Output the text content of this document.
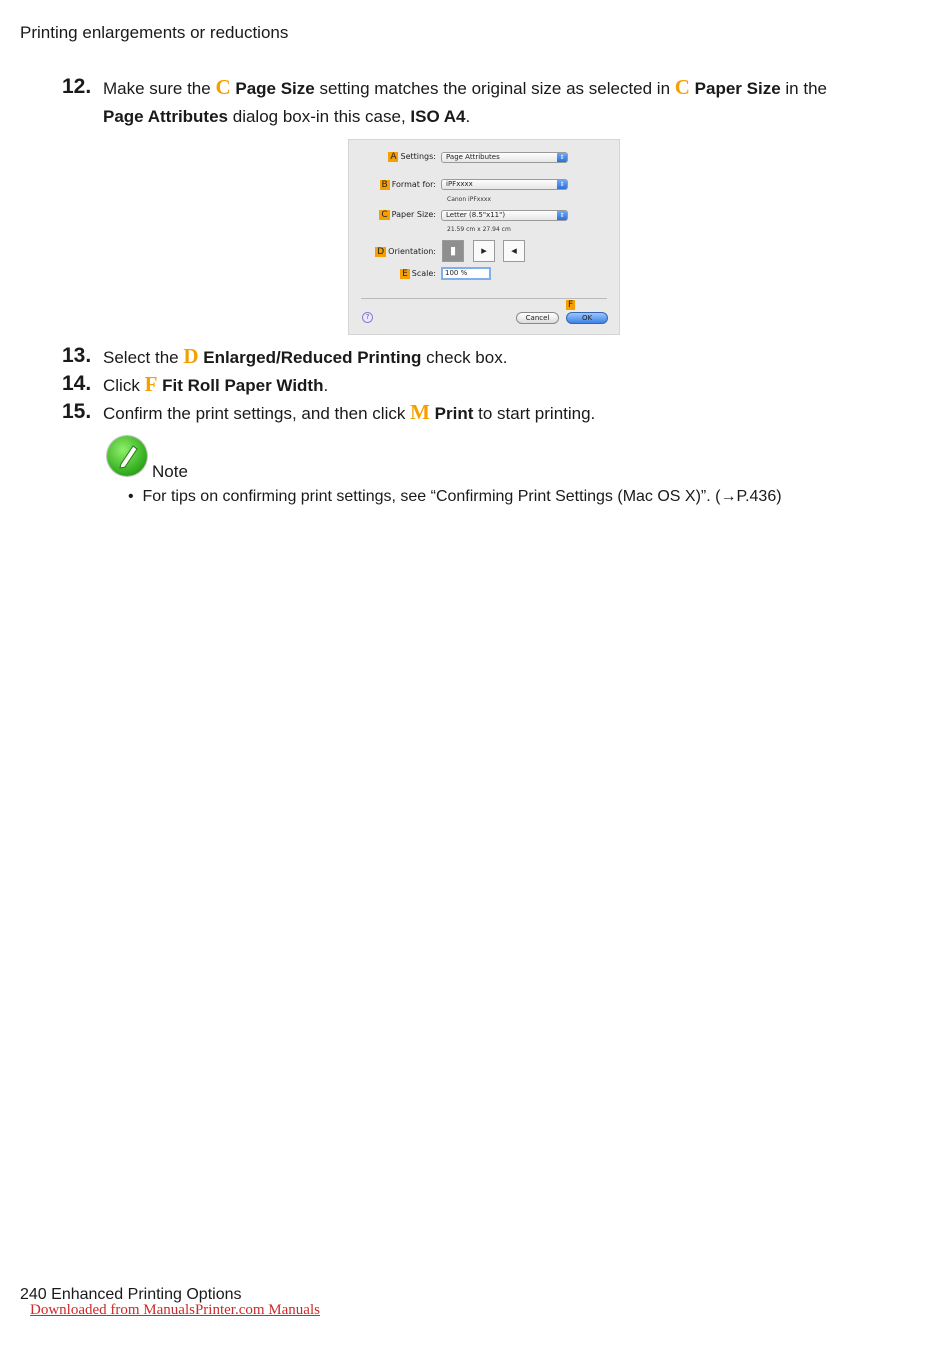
Printing enlargements or reductions
12. Make sure the C Page Size setting matches the original size as selected in C Paper Size in the
Page Attributes dialog box-in this case, ISO A4.
A Settings:	Page Attributes	⇕
B Format for:	iPFxxxx	⇕
Canon iPFxxxx
C Paper Size:	Letter (8.5"x11")	⇕
21.59 cm x 27.94 cm
D Orientation:	▮	▸	◂
E Scale:	100 %
F
?	Cancel	OK
13. Select the D Enlarged/Reduced Printing check box.
14. Click F Fit Roll Paper Width.
15. Confirm the print settings, and then click M Print to start printing.
Note
•  For tips on confirming print settings, see “Confirming Print Settings (Mac OS X)”. (→P.436)
240 Enhanced Printing Options
Downloaded from ManualsPrinter.com Manuals
